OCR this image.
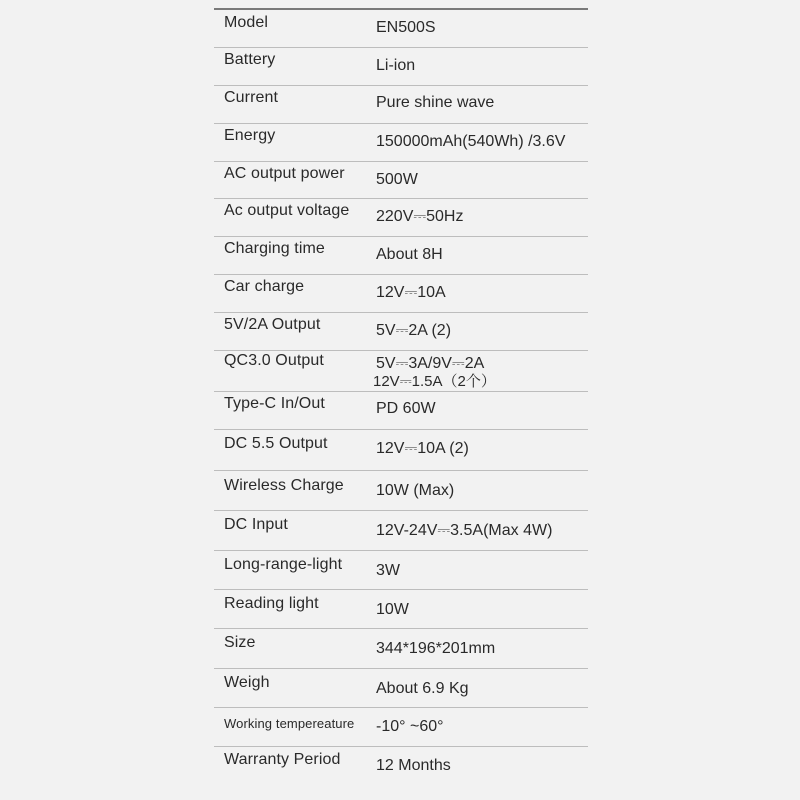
Model	EN500S
Battery	Li-ion
Current	Pure shine wave
Energy	150000mAh(540Wh) /3.6V
AC output power 500W
Ac output voltage 220V⎓50Hz
Charging time	About 8H
Car charge	12V⎓10A
5V/2A Output	5V⎓2A (2)
QC3.0 Output	5V⎓3A/9V⎓2A
12V⎓1.5A（2个）
Type-C In/Out	PD 60W
DC 5.5 Output	12V⎓10A (2)
Wireless Charge 10W (Max)
DC Input	12V-24V⎓3.5A(Max 4W)
Long-range-light 3W
Reading light	10W
Size	344*196*201mm
Weigh	About 6.9 Kg
Working tempereature -10° ~60°
Warranty Period 12 Months
